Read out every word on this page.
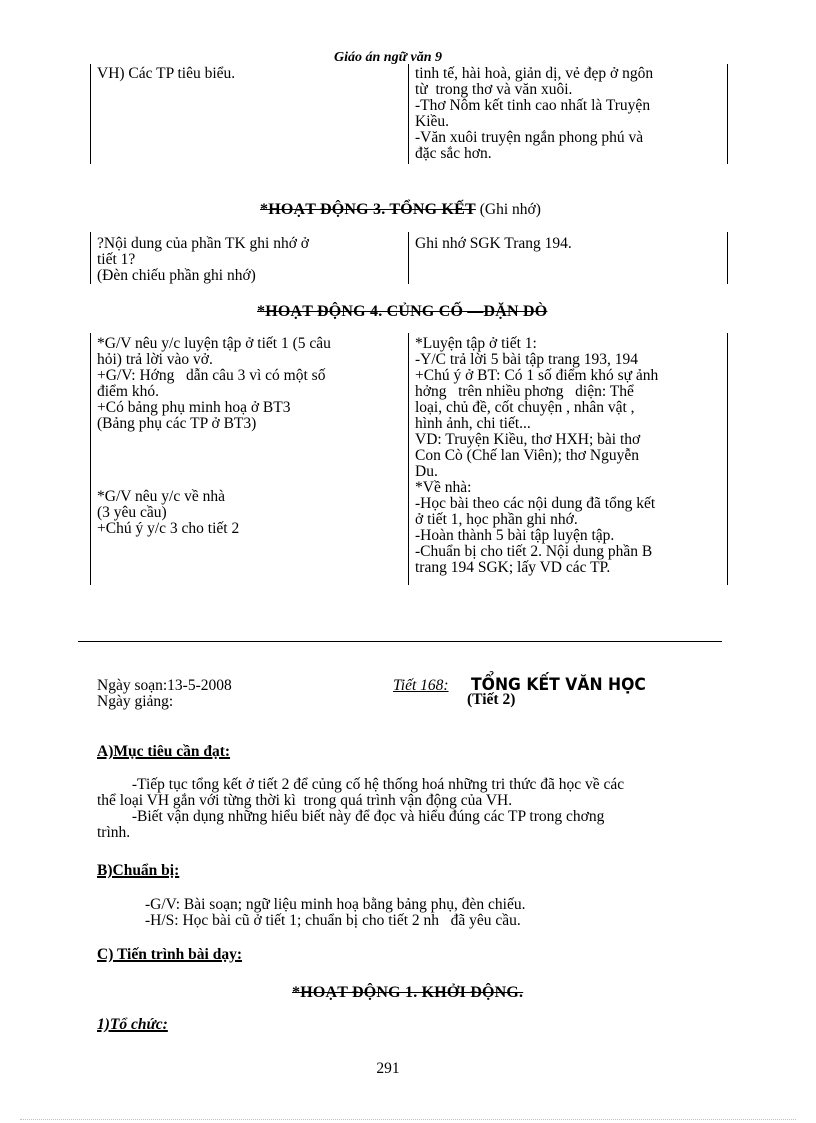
Giáo án ngữ văn 9
VH) Các TP tiêu biểu.	tinh tế, hài hoà, giản dị, vẻ đẹp ở ngôn
từ  trong thơ và văn xuôi.
-Thơ Nôm kết tinh cao nhất là Truyện
Kiều.
-Văn xuôi truyện ngắn phong phú và
đặc sắc hơn.
*HOẠT ĐỘNG 3. TỔNG KẾT (Ghi nhớ)
?Nội dung của phần TK ghi nhớ ở
tiết 1?
(Đèn chiếu phần ghi nhớ)
Ghi nhớ SGK Trang 194.
*HOẠT ĐỘNG 4. CỦNG CỐ —DẶN DÒ
*G/V nêu y/c luyện tập ở tiết 1 (5 câu
hỏi) trả lời vào vở.
+G/V: Hớng   dẫn câu 3 vì có một số
điểm khó.
+Có bảng phụ minh hoạ ở BT3
(Bảng phụ các TP ở BT3)
*G/V nêu y/c về nhà
(3 yêu cầu)
+Chú ý y/c 3 cho tiết 2
*Luyện tập ở tiết 1:
-Y/C trả lời 5 bài tập trang 193, 194
+Chú ý ở BT: Có 1 số điểm khó sự ảnh
hởng   trên nhiều phơng   diện: Thể
loại, chủ đề, cốt chuyện , nhân vật ,
hình ảnh, chi tiết...
VD: Truyện Kiều, thơ HXH; bài thơ
Con Cò (Chế lan Viên); thơ Nguyễn
Du.
*Về nhà:
-Học bài theo các nội dung đã tổng kết
ở tiết 1, học phần ghi nhớ.
-Hoàn thành 5 bài tập luyện tập.
-Chuẩn bị cho tiết 2. Nội dung phần B
trang 194 SGK; lấy VD các TP.
Ngày soạn:13-5-2008
Ngày giảng:
Tiết 168: TỔNG KẾT VĂN HỌC
(Tiết 2)
A)Mục tiêu cần đạt:
-Tiếp tục tổng kết ở tiết 2 để củng cố hệ thống hoá những tri thức đã học về các
thể loại VH gắn với từng thời kì  trong quá trình vận động của VH.
-Biết vận dụng những hiểu biết này để đọc và hiểu đúng các TP trong chơng
trình.
B)Chuẩn bị:
-G/V: Bài soạn; ngữ liệu minh hoạ bằng bảng phụ, đèn chiếu.
-H/S: Học bài cũ ở tiết 1; chuẩn bị cho tiết 2 nh   đã yêu cầu.
C) Tiến trình bài dạy:
*HOẠT ĐỘNG 1. KHỞI ĐỘNG.
1)Tổ chức:
291
